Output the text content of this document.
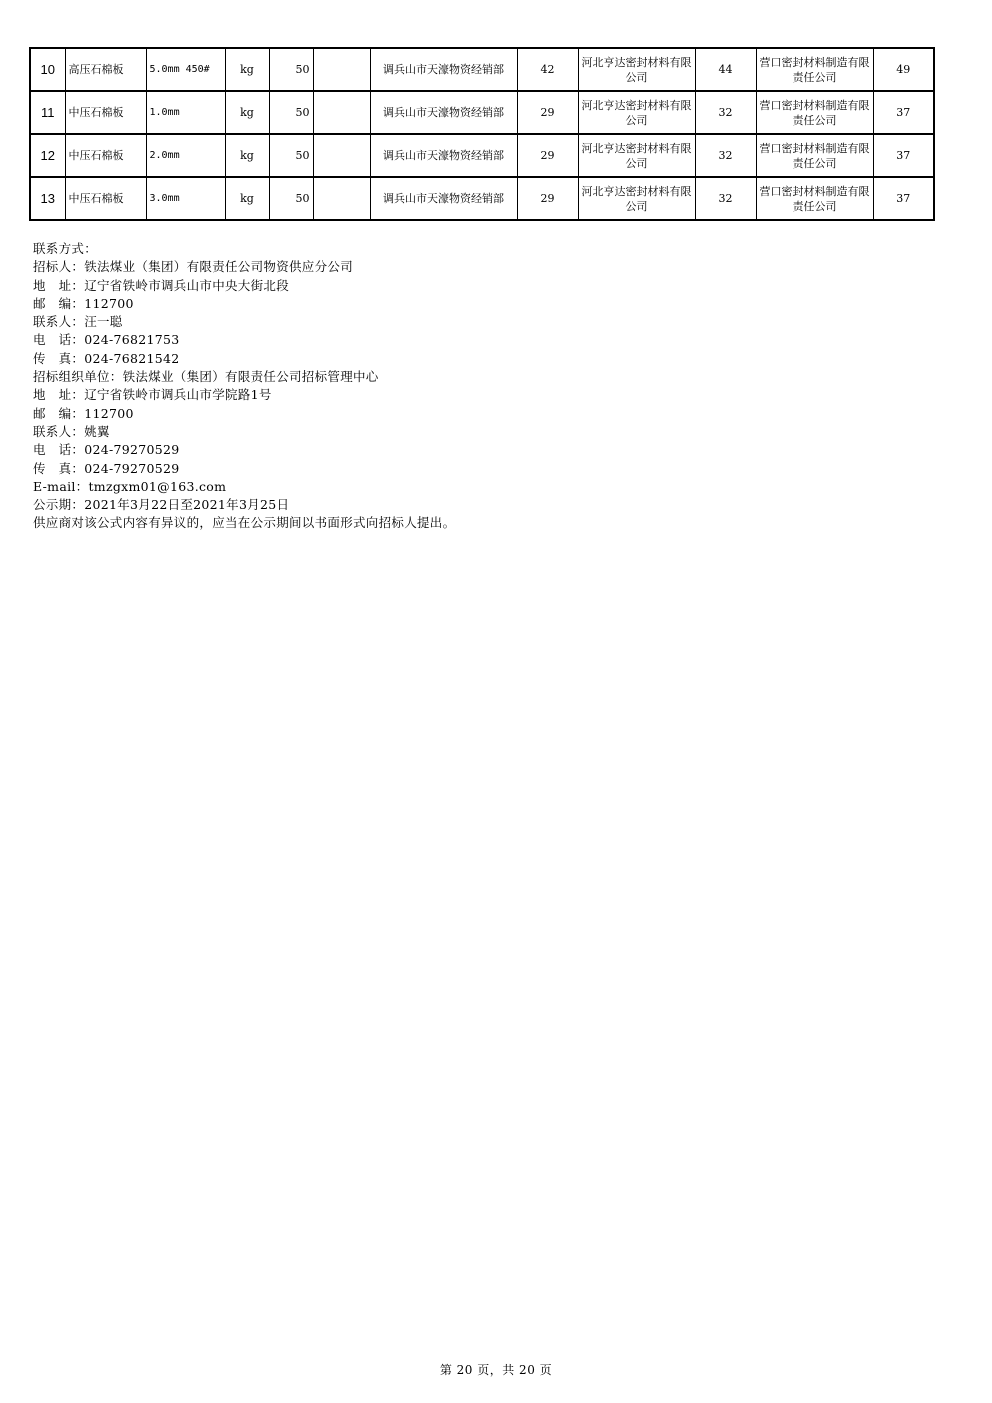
10	高压石棉板	5.0mm 450#	kg	50		调兵山市天濠物资经销部	42	河北亨达密封材料有限公司	44	营口密封材料制造有限责任公司	49
11	中压石棉板	1.0mm	kg	50		调兵山市天濠物资经销部	29	河北亨达密封材料有限公司	32	营口密封材料制造有限责任公司	37
12	中压石棉板	2.0mm	kg	50		调兵山市天濠物资经销部	29	河北亨达密封材料有限公司	32	营口密封材料制造有限责任公司	37
13	中压石棉板	3.0mm	kg	50		调兵山市天濠物资经销部	29	河北亨达密封材料有限公司	32	营口密封材料制造有限责任公司	37
联系方式：
招标人：铁法煤业（集团）有限责任公司物资供应分公司
地　址：辽宁省铁岭市调兵山市中央大街北段
邮　编：112700
联系人：汪一聪
电　话：024-76821753
传　真：024-76821542
招标组织单位：铁法煤业（集团）有限责任公司招标管理中心
地　址：辽宁省铁岭市调兵山市学院路1号
邮　编：112700
联系人：姚翼
电　话：024-79270529
传　真：024-79270529
E-mail：tmzgxm01@163.com
公示期：2021年3月22日至2021年3月25日
供应商对该公式内容有异议的，应当在公示期间以书面形式向招标人提出。
第 20 页，共 20 页
